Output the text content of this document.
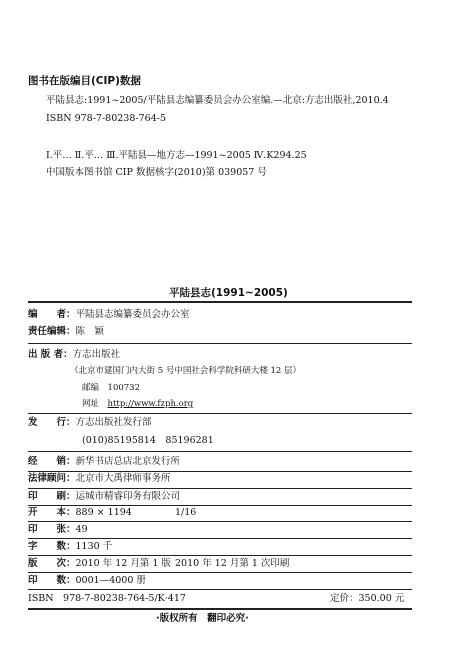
图书在版编目(CIP)数据
平陆县志:1991~2005/平陆县志编纂委员会办公室编.—北京:方志出版社,2010.4
ISBN 978-7-80238-764-5
Ⅰ.平… Ⅱ.平… Ⅲ.平陆县—地方志—1991~2005 Ⅳ.K294.25
中国版本图书馆 CIP 数据核字(2010)第 039057 号
平陆县志(1991~2005)
编　　者：平陆县志编纂委员会办公室
责任编辑：陈　颖
出 版 者：方志出版社
（北京市建国门内大街 5 号中国社会科学院科研大楼 12 层）
邮编　 100732
网址　 http://www.fzph.org
发　　行：方志出版社发行部
(010)85195814　85196281
经　　销：新华书店总店北京发行所
法律顾问：北京市大禹律师事务所
印　　刷：运城市精睿印务有限公司
开　　本：889 × 1194	1/16
印　　张：49
字　　数：1130 千
版　　次：2010 年 12 月第 1 版 2010 年 12 月第 1 次印刷
印　　数：0001—4000 册
ISBN　978-7-80238-764-5/K·417	定价：350.00 元
·版权所有　翻印必究·
